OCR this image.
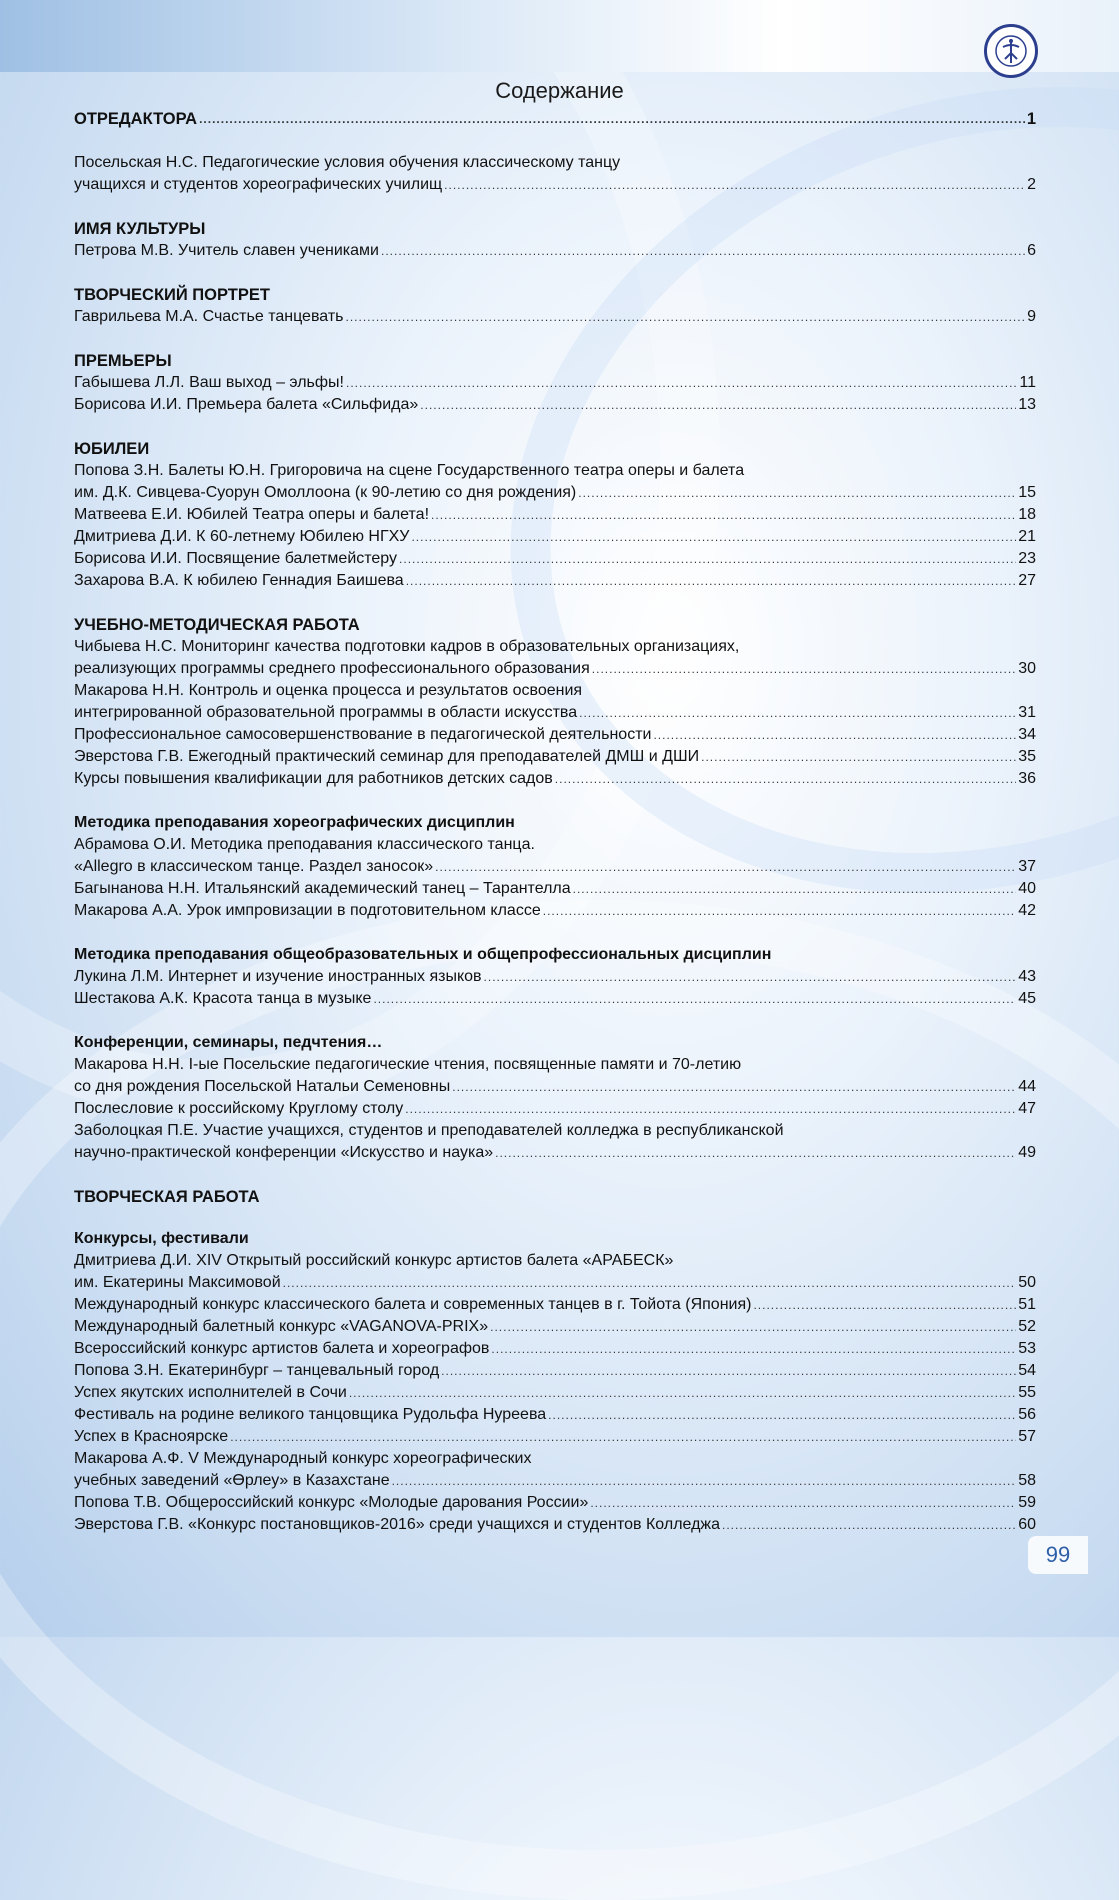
Содержание
ОТРЕДАКТОРА .....	1
Посельская Н.С. Педагогические условия обучения классическому танцу
учащихся и студентов хореографических училищ .....	2
ИМЯ КУЛЬТУРЫ
Петрова М.В. Учитель славен учениками .....	6
ТВОРЧЕСКИЙ ПОРТРЕТ
Гаврильева М.А. Счастье танцевать .....	9
ПРЕМЬЕРЫ
Габышева Л.Л. Ваш выход – эльфы! .....	11
Борисова И.И. Премьера балета «Сильфида» .....	13
ЮБИЛЕИ
Попова З.Н. Балеты Ю.Н. Григоровича на сцене Государственного театра оперы и балета
им. Д.К. Сивцева-Суорун Омоллоона (к 90-летию со дня рождения) .....	15
Матвеева Е.И. Юбилей Театра оперы и балета! .....	18
Дмитриева Д.И. К 60-летнему Юбилею НГХУ .....	21
Борисова И.И. Посвящение балетмейстеру .....	23
Захарова В.А. К юбилею Геннадия Баишева .....	27
УЧЕБНО-МЕТОДИЧЕСКАЯ РАБОТА
Чибыева Н.С. Мониторинг качества подготовки кадров в образовательных организациях,
реализующих программы среднего профессионального образования .....	30
Макарова Н.Н. Контроль и оценка процесса и результатов освоения
интегрированной образовательной программы в области искусства .....	31
Профессиональное самосовершенствование в педагогической деятельности .....	34
Эверстова Г.В. Ежегодный практический семинар для преподавателей ДМШ и ДШИ .....	35
Курсы повышения квалификации для работников детских садов .....	36
Методика преподавания хореографических дисциплин
Абрамова О.И. Методика преподавания классического танца.
«Allegro в классическом танце. Раздел заносок» .....	37
Багынанова Н.Н. Итальянский академический танец – Тарантелла .....	40
Макарова А.А. Урок импровизации в подготовительном классе .....	42
Методика преподавания общеобразовательных и общепрофессиональных дисциплин
Лукина Л.М. Интернет и изучение иностранных языков .....	43
Шестакова А.К. Красота танца в музыке .....	45
Конференции, семинары, педчтения…
Макарова Н.Н. I-ые Посельские педагогические чтения, посвященные памяти и 70-летию
со дня рождения Посельской Натальи Семеновны .....	44
Послесловие к российскому Круглому столу .....	47
Заболоцкая П.Е. Участие учащихся, студентов и преподавателей колледжа в республиканской
научно-практической конференции «Искусство и наука» .....	49
ТВОРЧЕСКАЯ РАБОТА
Конкурсы, фестивали
Дмитриева Д.И. XIV Открытый российский конкурс артистов балета «АРАБЕСК»
им. Екатерины Максимовой .....	50
Международный конкурс классического балета и современных танцев в г. Тойота (Япония) .....	51
Международный балетный конкурс «VAGANOVA-PRIX» .....	52
Всероссийский конкурс артистов балета и хореографов .....	53
Попова З.Н. Екатеринбург – танцевальный город .....	54
Успех якутских исполнителей в Сочи .....	55
Фестиваль на родине великого танцовщика Рудольфа Нуреева .....	56
Успех в Красноярске .....	57
Макарова А.Ф. V Международный конкурс хореографических
учебных заведений «Өрлеу» в Казахстане .....	58
Попова Т.В. Общероссийский конкурс «Молодые дарования России» .....	59
Эверстова Г.В. «Конкурс постановщиков-2016» среди учащихся и студентов Колледжа .....	60
99
